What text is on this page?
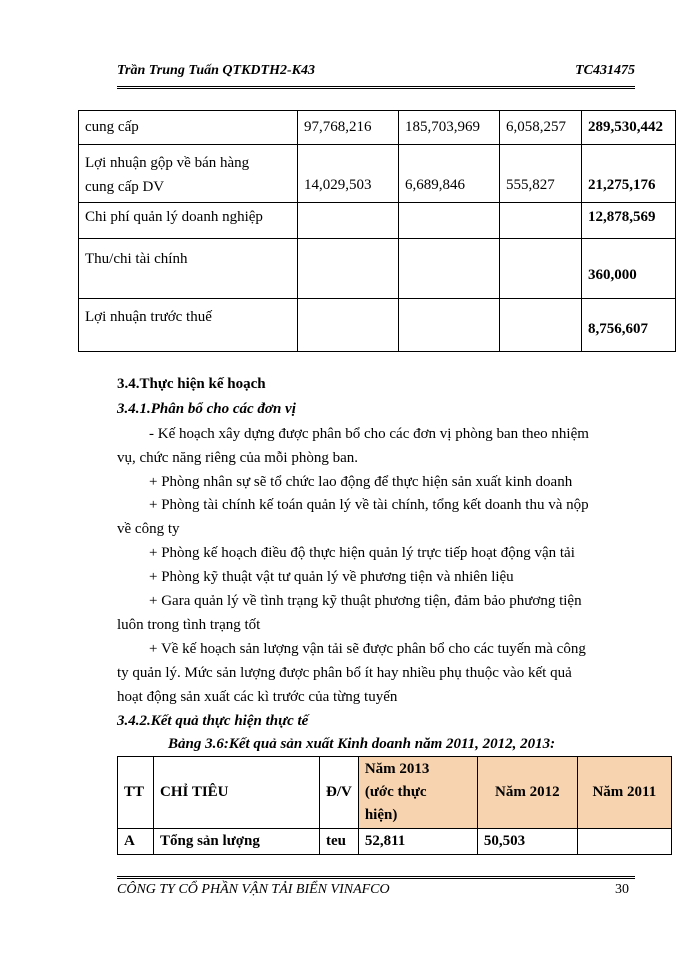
Trần Trung Tuấn QTKDTH2-K43	TC431475
cung cấp	97,768,216	185,703,969	6,058,257	289,530,442

Lợi nhuận gộp về bán hàng
cung cấp DV	14,029,503	6,689,846	555,827	21,275,176
Chi phí quản lý doanh nghiệp				12,878,569
Thu/chi tài chính				360,000
Lợi nhuận trước thuế				8,756,607
3.4.Thực hiện kế hoạch
3.4.1.Phân bổ cho các đơn vị
- Kế hoạch xây dựng được phân bổ cho các đơn vị phòng ban theo nhiệm
vụ, chức năng riêng của mỗi phòng ban.
+ Phòng nhân sự sẽ tổ chức lao động để thực hiện sản xuất kinh doanh
+ Phòng tài chính kế toán quản lý về tài chính, tổng kết doanh thu và nộp
về công ty
+ Phòng kế hoạch điều độ thực hiện quản lý trực tiếp hoạt động vận tải
+ Phòng kỹ thuật vật tư quản lý về phương tiện và nhiên liệu
+ Gara quản lý về tình trạng kỹ thuật phương tiện, đảm bảo phương tiện
luôn trong tình trạng tốt
+ Về kế hoạch sản lượng vận tải sẽ được phân bổ cho các tuyến mà công
ty quản lý. Mức sản lượng được phân bổ ít hay nhiều phụ thuộc vào kết quả
hoạt động sản xuất các kì trước của từng tuyến
3.4.2.Kết quả thực hiện thực tế
Bảng 3.6:Kết quả sản xuất Kinh doanh năm 2011, 2012, 2013:
TT	CHỈ TIÊU	Đ/V	Năm 2013
(ước thực
hiện)	Năm 2012	Năm 2011
A	Tổng sản lượng	teu	52,811	50,503	
CÔNG TY CỔ PHẦN VẬN TẢI BIỂN VINAFCO	30
